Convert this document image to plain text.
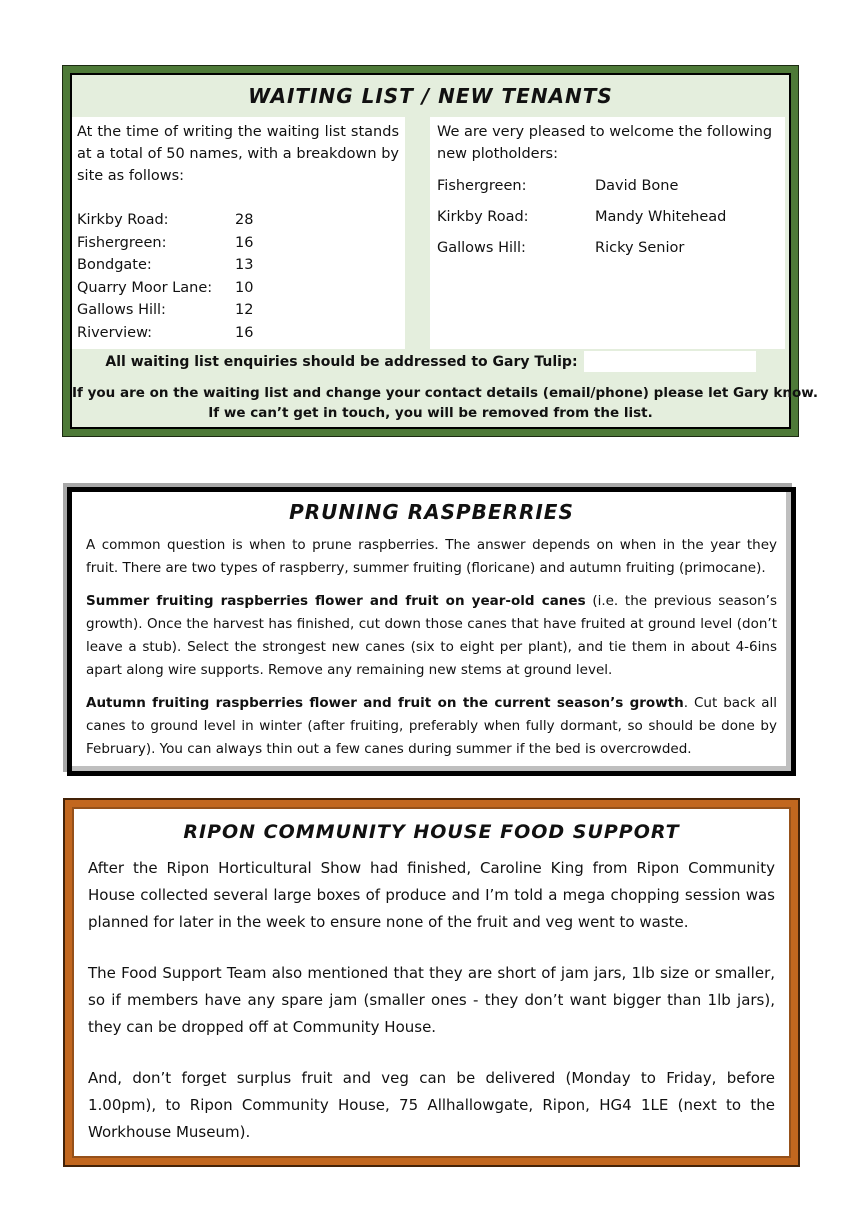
WAITING LIST / NEW TENANTS

At the time of writing the waiting list stands at a total of 50 names, with a breakdown by site as follows:

Kirkby Road:	28
Fishergreen:	16
Bondgate:	13
Quarry Moor Lane:	10
Gallows Hill:	12
Riverview:	16

We are very pleased to welcome the following new plotholders:

Fishergreen:	David Bone
Kirkby Road:	Mandy Whitehead
Gallows Hill:	Ricky Senior
All waiting list enquiries should be addressed to Gary Tulip:
If you are on the waiting list and change your contact details (email/phone) please let Gary know.
If we can’t get in touch, you will be removed from the list.
PRUNING RASPBERRIES

A common question is when to prune raspberries. The answer depends on when in the year they fruit. There are two types of raspberry, summer fruiting (floricane) and autumn fruiting (primocane).

Summer fruiting raspberries flower and fruit on year-old canes (i.e. the previous season’s growth). Once the harvest has finished, cut down those canes that have fruited at ground level (don’t leave a stub). Select the strongest new canes (six to eight per plant), and tie them in about 4-6ins apart along wire supports. Remove any remaining new stems at ground level.

Autumn fruiting raspberries flower and fruit on the current season’s growth. Cut back all canes to ground level in winter (after fruiting, preferably when fully dormant, so should be done by February). You can always thin out a few canes during summer if the bed is overcrowded.

RIPON COMMUNITY HOUSE FOOD SUPPORT

After the Ripon Horticultural Show had finished, Caroline King from Ripon Community House collected several large boxes of produce and I’m told a mega chopping session was planned for later in the week to ensure none of the fruit and veg went to waste.

The Food Support Team also mentioned that they are short of jam jars, 1lb size or smaller, so if members have any spare jam (smaller ones - they don’t want bigger than 1lb jars), they can be dropped off at Community House.

And, don’t forget surplus fruit and veg can be delivered (Monday to Friday, before 1.00pm), to Ripon Community House, 75 Allhallowgate, Ripon, HG4 1LE (next to the Workhouse Museum).
